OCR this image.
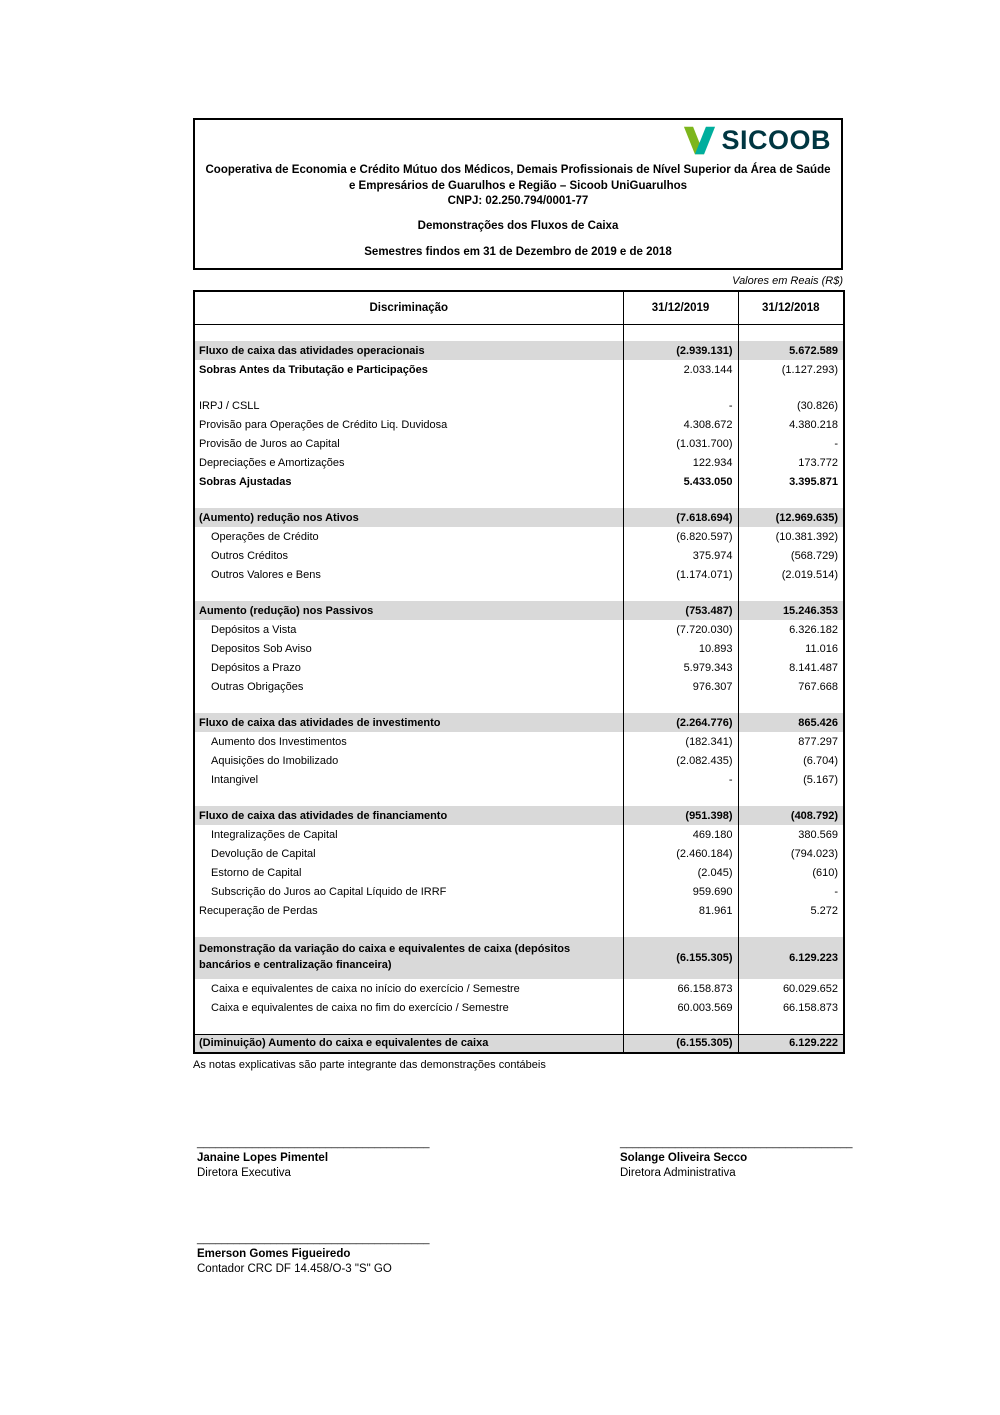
SICOOB
Cooperativa de Economia e Crédito Mútuo dos Médicos, Demais Profissionais de Nível Superior da Área de Saúde e Empresários de Guarulhos e Região – Sicoob UniGuarulhos
CNPJ: 02.250.794/0001-77
Demonstrações dos Fluxos de Caixa
Semestres findos em 31 de Dezembro de 2019 e de 2018
Valores em Reais (R$)
Discriminação	31/12/2019	31/12/2018

Fluxo de caixa das atividades operacionais	(2.939.131)	5.672.589
Sobras Antes da Tributação e Participações	2.033.144	(1.127.293)

IRPJ / CSLL	-	(30.826)
Provisão para Operações de Crédito Liq. Duvidosa	4.308.672	4.380.218
Provisão de Juros ao Capital	(1.031.700)	-
Depreciações e Amortizações	122.934	173.772
Sobras Ajustadas	5.433.050	3.395.871

(Aumento) redução nos Ativos	(7.618.694)	(12.969.635)
Operações de Crédito	(6.820.597)	(10.381.392)
Outros Créditos	375.974	(568.729)
Outros Valores e Bens	(1.174.071)	(2.019.514)

Aumento (redução) nos Passivos	(753.487)	15.246.353
Depósitos a Vista	(7.720.030)	6.326.182
Depositos Sob Aviso	10.893	11.016
Depósitos a Prazo	5.979.343	8.141.487
Outras Obrigações	976.307	767.668

Fluxo de caixa das atividades de investimento	(2.264.776)	865.426
Aumento dos Investimentos	(182.341)	877.297
Aquisições do Imobilizado	(2.082.435)	(6.704)
Intangivel	-	(5.167)

Fluxo de caixa das atividades de financiamento	(951.398)	(408.792)
Integralizações de Capital	469.180	380.569
Devolução de Capital	(2.460.184)	(794.023)
Estorno de Capital	(2.045)	(610)
Subscrição do Juros ao Capital Líquido de IRRF	959.690	-
Recuperação de Perdas	81.961	5.272

Demonstração da variação do caixa e equivalentes de caixa (depósitos bancários e centralização financeira)	(6.155.305)	6.129.223
Caixa e equivalentes de caixa no início do exercício / Semestre	66.158.873	60.029.652
Caixa e equivalentes de caixa no fim do exercício / Semestre	60.003.569	66.158.873

(Diminuição) Aumento do caixa e equivalentes de caixa	(6.155.305)	6.129.222
As notas explicativas são parte integrante das demonstrações contábeis
______________________________________
Janaine Lopes Pimentel
Diretora Executiva
______________________________________
Solange Oliveira Secco
Diretora Administrativa
______________________________________
Emerson Gomes Figueiredo
Contador CRC DF 14.458/O-3 "S" GO
